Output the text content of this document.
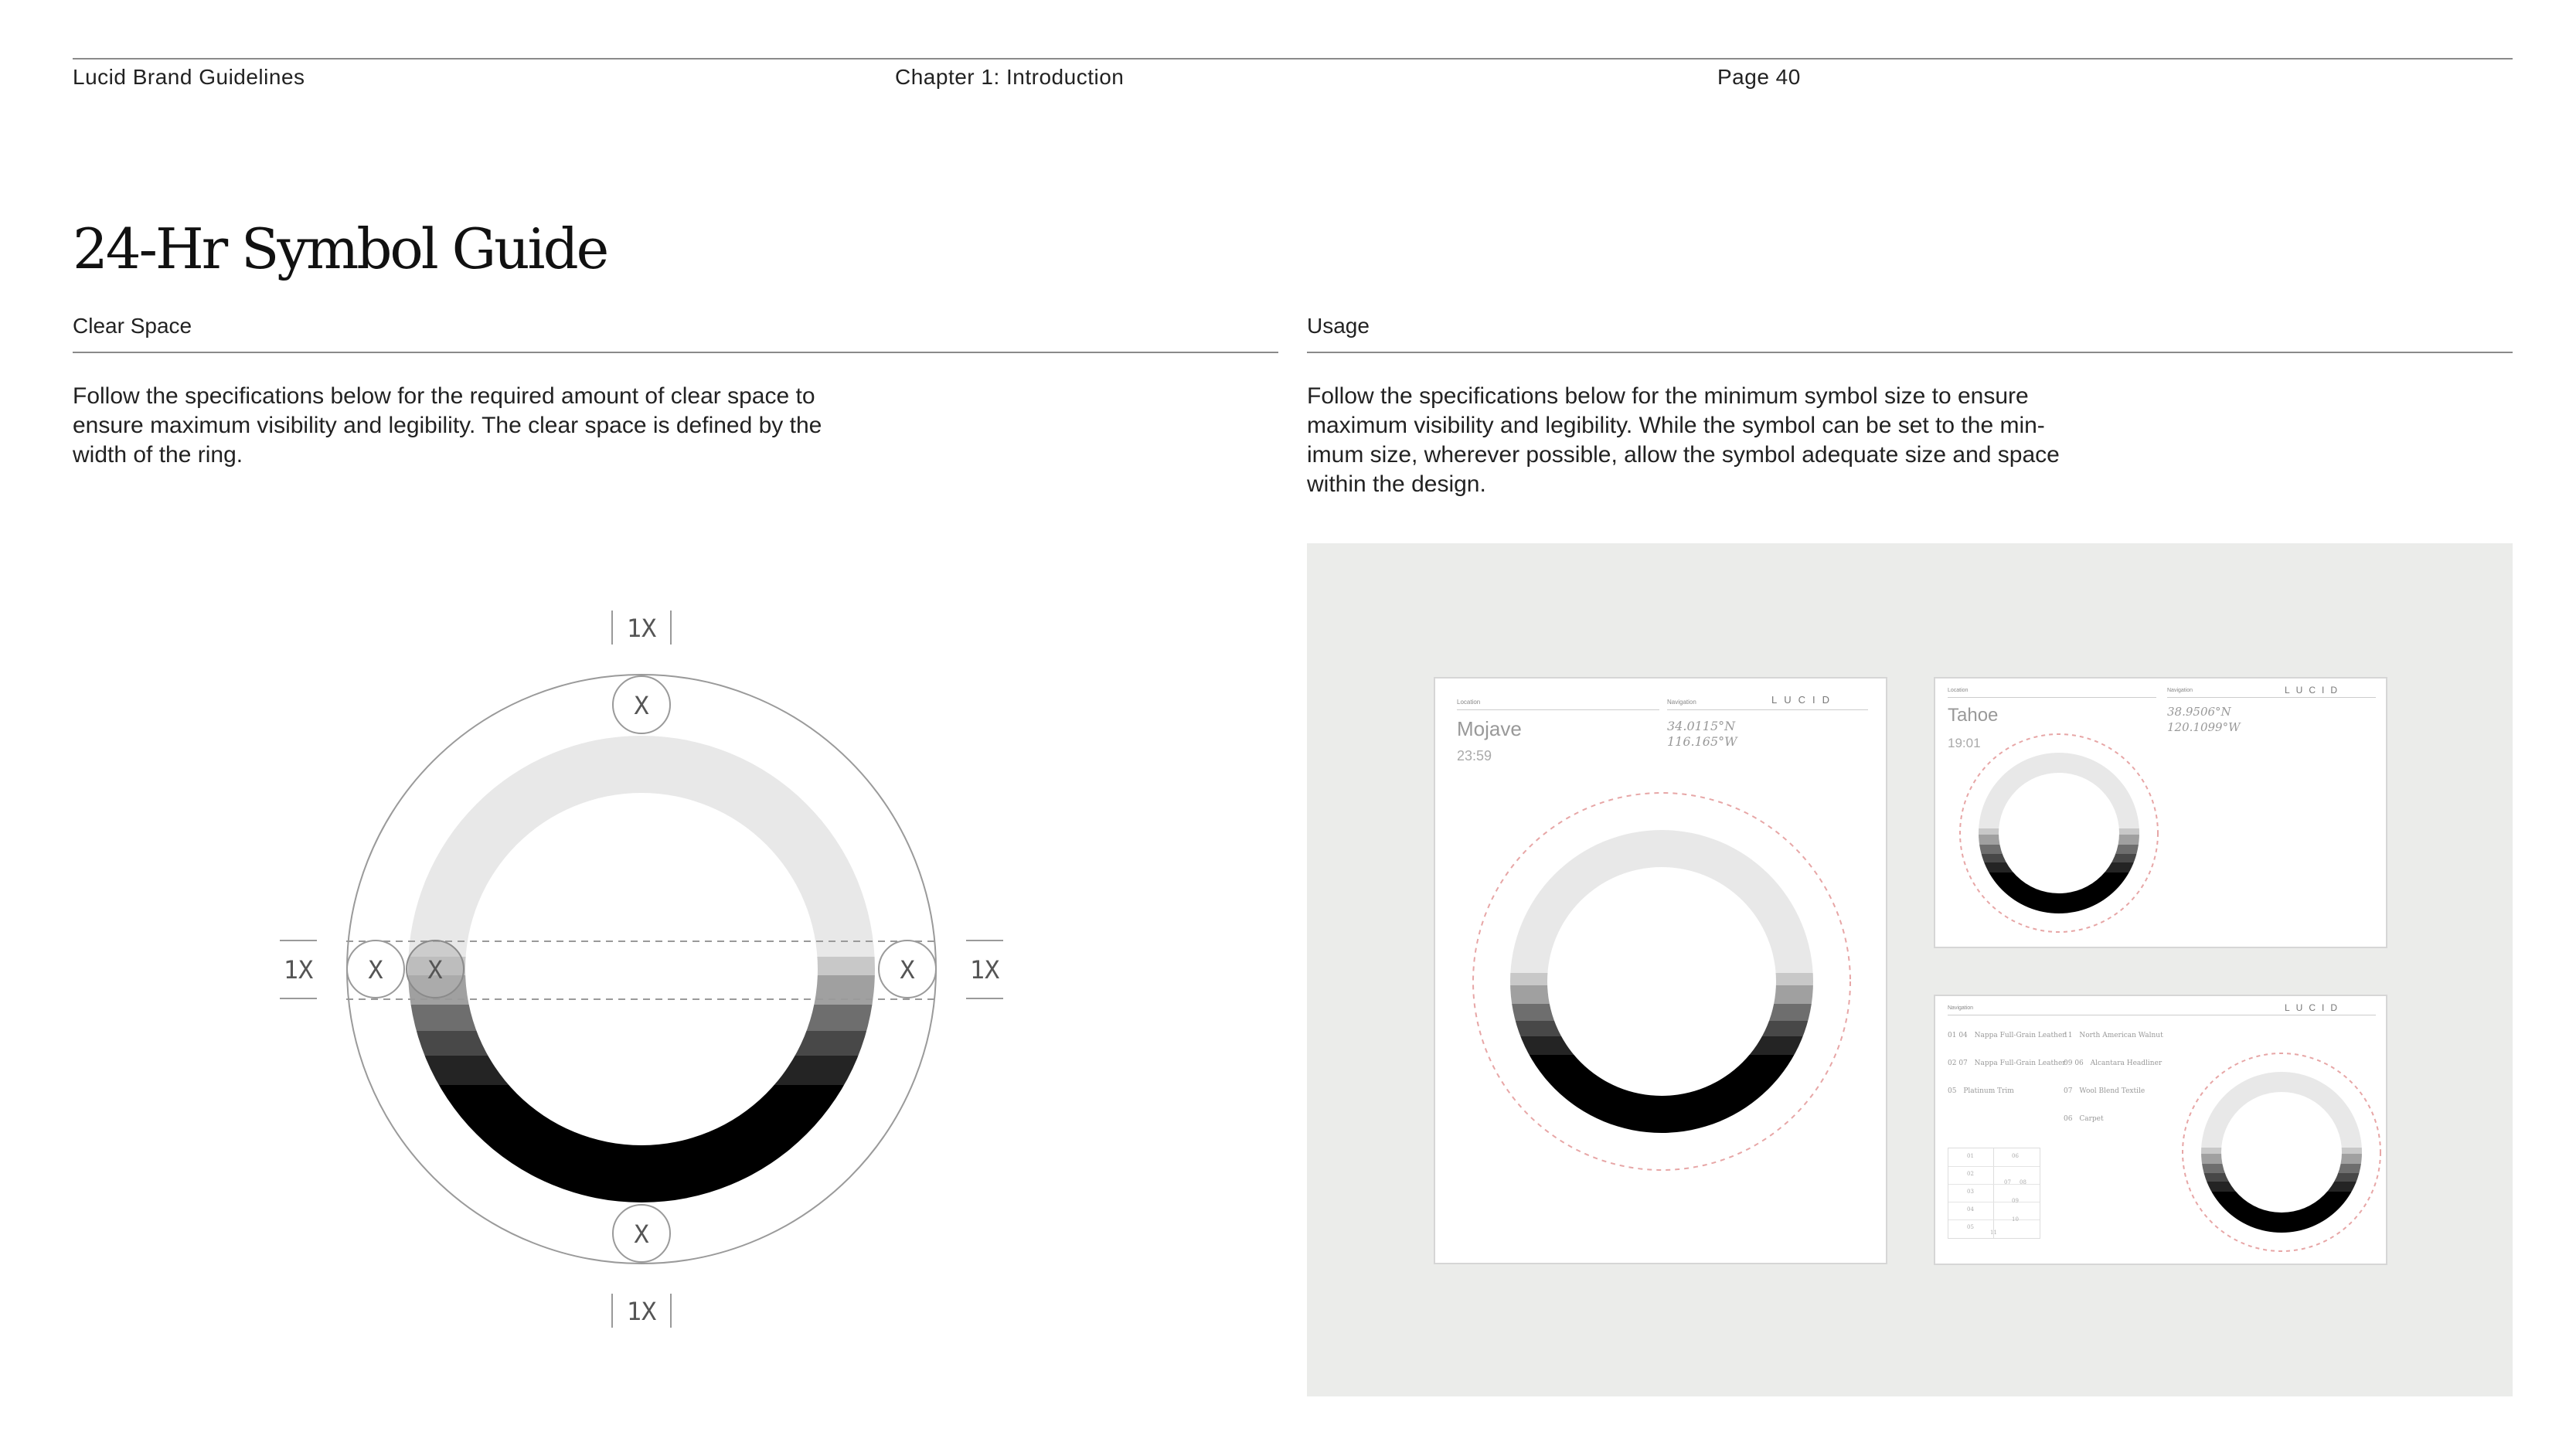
Lucid Brand Guidelines	Chapter 1: Introduction	Page 40
24-Hr Symbol Guide
Clear Space	Usage
Follow the specifications below for the required amount of clear space to
ensure maximum visibility and legibility. The clear space is defined by the
width of the ring.
Follow the specifications below for the minimum symbol size to ensure
maximum visibility and legibility. While the symbol can be set to the min-
imum size, wherever possible, allow the symbol adequate size and space
within the design.
X
X
X X	X
1X
1X
1X	1X
